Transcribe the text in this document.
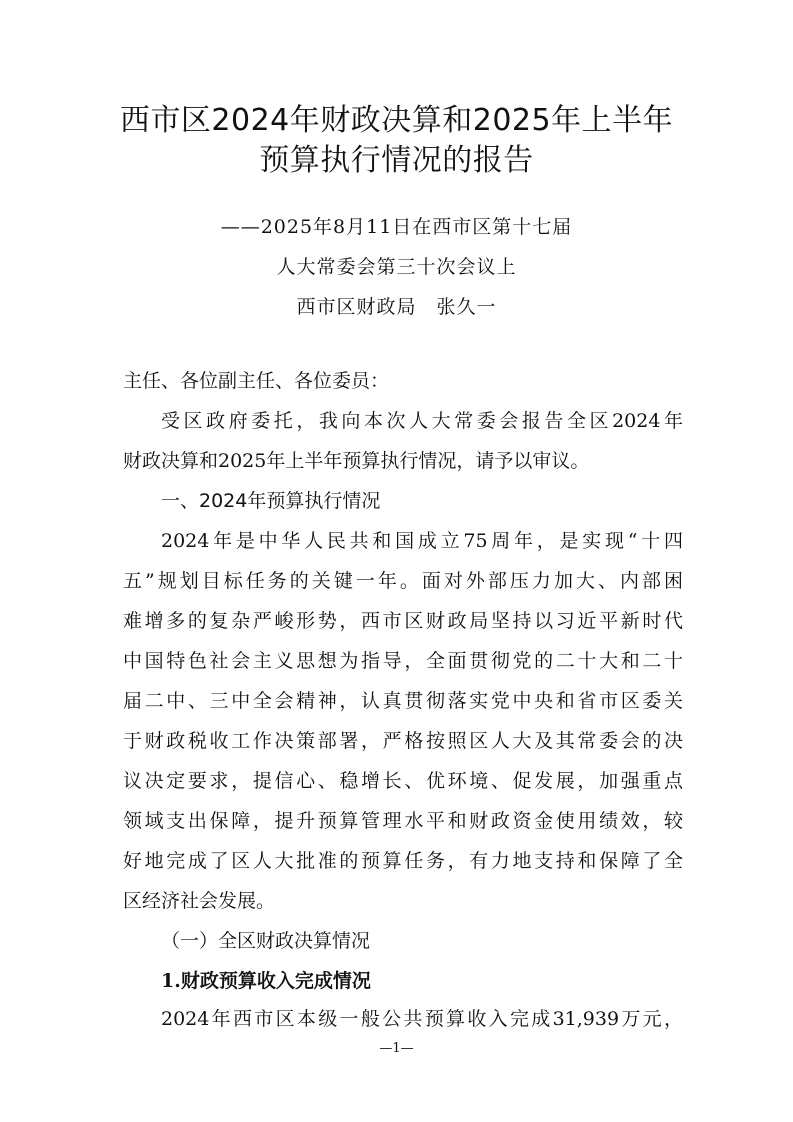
西市区2024年财政决算和2025年上半年
预算执行情况的报告
——2025年8月11日在西市区第十七届
人大常委会第三十次会议上
西市区财政局　张久一
主任、各位副主任、各位委员：
受区政府委托，我向本次人大常委会报告全区2024年
财政决算和2025年上半年预算执行情况，请予以审议。
一、2024年预算执行情况
2024年是中华人民共和国成立75周年，是实现“十四
五”规划目标任务的关键一年。面对外部压力加大、内部困
难增多的复杂严峻形势，西市区财政局坚持以习近平新时代
中国特色社会主义思想为指导，全面贯彻党的二十大和二十
届二中、三中全会精神，认真贯彻落实党中央和省市区委关
于财政税收工作决策部署，严格按照区人大及其常委会的决
议决定要求，提信心、稳增长、优环境、促发展，加强重点
领域支出保障，提升预算管理水平和财政资金使用绩效，较
好地完成了区人大批准的预算任务，有力地支持和保障了全
区经济社会发展。
（一）全区财政决算情况
1.财政预算收入完成情况
2024年西市区本级一般公共预算收入完成31,939万元，
—1—
